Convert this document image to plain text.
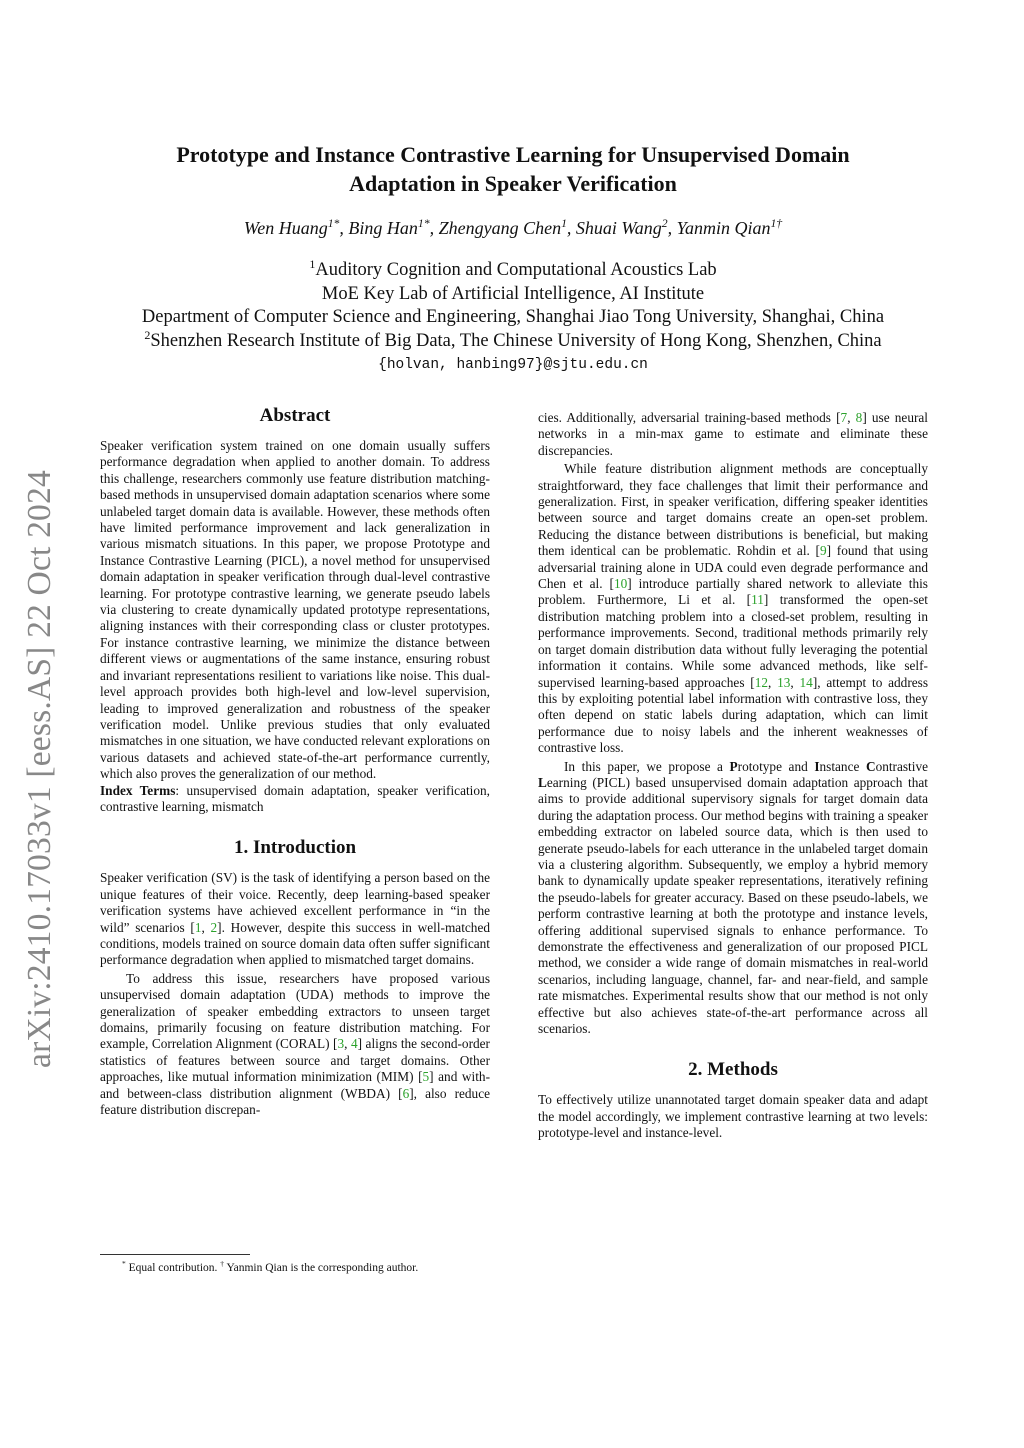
arXiv:2410.17033v1 [eess.AS] 22 Oct 2024
Prototype and Instance Contrastive Learning for Unsupervised Domain
Adaptation in Speaker Verification
Wen Huang$^{1*}$, Bing Han$^{1*}$, Zhengyang Chen$^1$, Shuai Wang$^2$, Yanmin Qian$^{1\dagger}$
$^1$Auditory Cognition and Computational Acoustics Lab
MoE Key Lab of Artificial Intelligence, AI Institute
Department of Computer Science and Engineering, Shanghai Jiao Tong University, Shanghai, China
$^2$Shenzhen Research Institute of Big Data, The Chinese University of Hong Kong, Shenzhen, China
{holvan, hanbing97}@sjtu.edu.cn
Abstract

Speaker verification system trained on one domain usually suffers performance degradation when applied to another domain. To address this challenge, researchers commonly use feature distribution matching-based methods in unsupervised domain adaptation scenarios where some unlabeled target domain data is available. However, these methods often have limited performance improvement and lack generalization in various mismatch situations. In this paper, we propose Prototype and Instance Contrastive Learning (PICL), a novel method for unsupervised domain adaptation in speaker verification through dual-level contrastive learning. For prototype contrastive learning, we generate pseudo labels via clustering to create dynamically updated prototype representations, aligning instances with their corresponding class or cluster prototypes. For instance contrastive learning, we minimize the distance between different views or augmentations of the same instance, ensuring robust and invariant representations resilient to variations like noise. This dual-level approach provides both high-level and low-level supervision, leading to improved generalization and robustness of the speaker verification model. Unlike previous studies that only evaluated mismatches in one situation, we have conducted relevant explorations on various datasets and achieved state-of-the-art performance currently, which also proves the generalization of our method.

Index Terms: unsupervised domain adaptation, speaker verification, contrastive learning, mismatch

1. Introduction

Speaker verification (SV) is the task of identifying a person based on the unique features of their voice. Recently, deep learning-based speaker verification systems have achieved excellent performance in “in the wild” scenarios [1, 2]. However, despite this success in well-matched conditions, models trained on source domain data often suffer significant performance degradation when applied to mismatched target domains.

To address this issue, researchers have proposed various unsupervised domain adaptation (UDA) methods to improve the generalization of speaker embedding extractors to unseen target domains, primarily focusing on feature distribution matching. For example, Correlation Alignment (CORAL) [3, 4] aligns the second-order statistics of features between source and target domains. Other approaches, like mutual information minimization (MIM) [5] and with- and between-class distribution alignment (WBDA) [6], also reduce feature distribution discrepan-

* Equal contribution. † Yanmin Qian is the corresponding author.

cies. Additionally, adversarial training-based methods [7, 8] use neural networks in a min-max game to estimate and eliminate these discrepancies.

While feature distribution alignment methods are conceptually straightforward, they face challenges that limit their performance and generalization. First, in speaker verification, differing speaker identities between source and target domains create an open-set problem. Reducing the distance between distributions is beneficial, but making them identical can be problematic. Rohdin et al. [9] found that using adversarial training alone in UDA could even degrade performance and Chen et al. [10] introduce partially shared network to alleviate this problem. Furthermore, Li et al. [11] transformed the open-set distribution matching problem into a closed-set problem, resulting in performance improvements. Second, traditional methods primarily rely on target domain distribution data without fully leveraging the potential information it contains. While some advanced methods, like self-supervised learning-based approaches [12, 13, 14], attempt to address this by exploiting potential label information with contrastive loss, they often depend on static labels during adaptation, which can limit performance due to noisy labels and the inherent weaknesses of contrastive loss.

In this paper, we propose a Prototype and Instance Contrastive Learning (PICL) based unsupervised domain adaptation approach that aims to provide additional supervisory signals for target domain data during the adaptation process. Our method begins with training a speaker embedding extractor on labeled source data, which is then used to generate pseudo-labels for each utterance in the unlabeled target domain via a clustering algorithm. Subsequently, we employ a hybrid memory bank to dynamically update speaker representations, iteratively refining the pseudo-labels for greater accuracy. Based on these pseudo-labels, we perform contrastive learning at both the prototype and instance levels, offering additional supervised signals to enhance performance. To demonstrate the effectiveness and generalization of our proposed PICL method, we consider a wide range of domain mismatches in real-world scenarios, including language, channel, far- and near-field, and sample rate mismatches. Experimental results show that our method is not only effective but also achieves state-of-the-art performance across all scenarios.

2. Methods

To effectively utilize unannotated target domain speaker data and adapt the model accordingly, we implement contrastive learning at two levels: prototype-level and instance-level.
